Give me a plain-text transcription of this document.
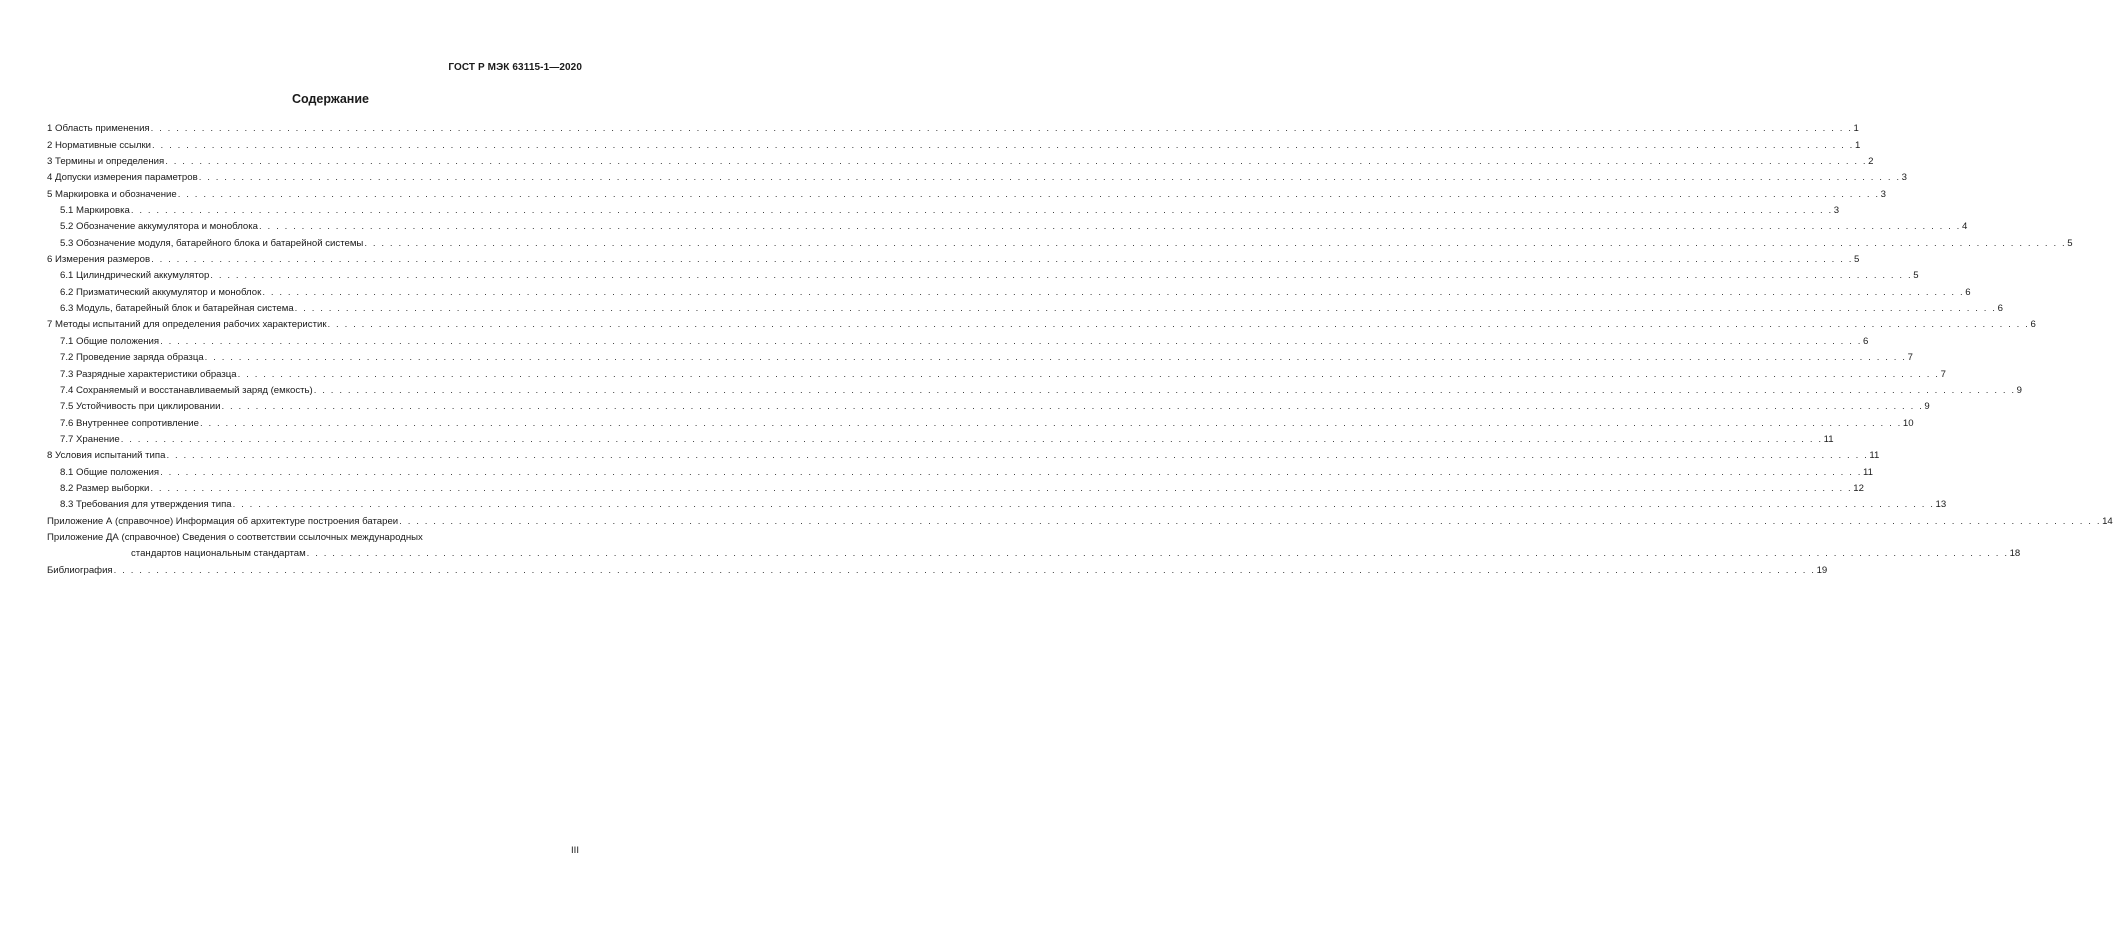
ГОСТ Р МЭК 63115-1—2020
Содержание
1 Область применения . . . . . . . . . . . . . . . . . . . . . . . . . . . . . . . . . . . . . . . . . . . . . . . . . . . . . . . . . . . . . . . . . . . . . . . . . . . . . . . . . . . . . . . . . . . . . . . . . . . . . . . . . . . . . . . . . . . . . . . . . . . . . . . . . . . . . . . . . . . . . . . . . . . . . . . . . . . . . . . . . . . . . . . . . . . . . . . . . . . . . . . . . . . . . . . . . . . . . . . . 1
2 Нормативные ссылки . . . . . . . . . . . . . . . . . . . . . . . . . . . . . . . . . . . . . . . . . . . . . . . . . . . . . . . . . . . . . . . . . . . . . . . . . . . . . . . . . . . . . . . . . . . . . . . . . . . . . . . . . . . . . . . . . . . . . . . . . . . . . . . . . . . . . . . . . . . . . . . . . . . . . . . . . . . . . . . . . . . . . . . . . . . . . . . . . . . . . . . . . . . . . . . . . . . . . . . . 1
3 Термины и определения . . . . . . . . . . . . . . . . . . . . . . . . . . . . . . . . . . . . . . . . . . . . . . . . . . . . . . . . . . . . . . . . . . . . . . . . . . . . . . . . . . . . . . . . . . . . . . . . . . . . . . . . . . . . . . . . . . . . . . . . . . . . . . . . . . . . . . . . . . . . . . . . . . . . . . . . . . . . . . . . . . . . . . . . . . . . . . . . . . . . . . . . . . . . . . . . . . . . . . . . 2
4 Допуски измерения параметров . . . . . . . . . . . . . . . . . . . . . . . . . . . . . . . . . . . . . . . . . . . . . . . . . . . . . . . . . . . . . . . . . . . . . . . . . . . . . . . . . . . . . . . . . . . . . . . . . . . . . . . . . . . . . . . . . . . . . . . . . . . . . . . . . . . . . . . . . . . . . . . . . . . . . . . . . . . . . . . . . . . . . . . . . . . . . . . . . . . . . . . . . . . . . . . . . . . . . . . . 3
5 Маркировка и обозначение . . . . . . . . . . . . . . . . . . . . . . . . . . . . . . . . . . . . . . . . . . . . . . . . . . . . . . . . . . . . . . . . . . . . . . . . . . . . . . . . . . . . . . . . . . . . . . . . . . . . . . . . . . . . . . . . . . . . . . . . . . . . . . . . . . . . . . . . . . . . . . . . . . . . . . . . . . . . . . . . . . . . . . . . . . . . . . . . . . . . . . . . . . . . . . . . . . . . . . . . 3
5.1 Маркировка . . . . . . . . . . . . . . . . . . . . . . . . . . . . . . . . . . . . . . . . . . . . . . . . . . . . . . . . . . . . . . . . . . . . . . . . . . . . . . . . . . . . . . . . . . . . . . . . . . . . . . . . . . . . . . . . . . . . . . . . . . . . . . . . . . . . . . . . . . . . . . . . . . . . . . . . . . . . . . . . . . . . . . . . . . . . . . . . . . . . . . . . . . . . . . . . . . . . . . . . 3
5.2 Обозначение аккумулятора и моноблока . . . . . . . . . . . . . . . . . . . . . . . . . . . . . . . . . . . . . . . . . . . . . . . . . . . . . . . . . . . . . . . . . . . . . . . . . . . . . . . . . . . . . . . . . . . . . . . . . . . . . . . . . . . . . . . . . . . . . . . . . . . . . . . . . . . . . . . . . . . . . . . . . . . . . . . . . . . . . . . . . . . . . . . . . . . . . . . . . . . . . . . . . . . . . . . . . . . . . . . . 4
5.3 Обозначение модуля, батарейного блока и батарейной системы . . . . . . . . . . . . . . . . . . . . . . . . . . . . . . . . . . . . . . . . . . . . . . . . . . . . . . . . . . . . . . . . . . . . . . . . . . . . . . . . . . . . . . . . . . . . . . . . . . . . . . . . . . . . . . . . . . . . . . . . . . . . . . . . . . . . . . . . . . . . . . . . . . . . . . . . . . . . . . . . . . . . . . . . . . . . . . . . . . . . . . . . . . . . . . . . . . . . . . . . 5
6 Измерения размеров . . . . . . . . . . . . . . . . . . . . . . . . . . . . . . . . . . . . . . . . . . . . . . . . . . . . . . . . . . . . . . . . . . . . . . . . . . . . . . . . . . . . . . . . . . . . . . . . . . . . . . . . . . . . . . . . . . . . . . . . . . . . . . . . . . . . . . . . . . . . . . . . . . . . . . . . . . . . . . . . . . . . . . . . . . . . . . . . . . . . . . . . . . . . . . . . . . . . . . . . 5
6.1 Цилиндрический аккумулятор . . . . . . . . . . . . . . . . . . . . . . . . . . . . . . . . . . . . . . . . . . . . . . . . . . . . . . . . . . . . . . . . . . . . . . . . . . . . . . . . . . . . . . . . . . . . . . . . . . . . . . . . . . . . . . . . . . . . . . . . . . . . . . . . . . . . . . . . . . . . . . . . . . . . . . . . . . . . . . . . . . . . . . . . . . . . . . . . . . . . . . . . . . . . . . . . . . . . . . . . 5
6.2 Призматический аккумулятор и моноблок . . . . . . . . . . . . . . . . . . . . . . . . . . . . . . . . . . . . . . . . . . . . . . . . . . . . . . . . . . . . . . . . . . . . . . . . . . . . . . . . . . . . . . . . . . . . . . . . . . . . . . . . . . . . . . . . . . . . . . . . . . . . . . . . . . . . . . . . . . . . . . . . . . . . . . . . . . . . . . . . . . . . . . . . . . . . . . . . . . . . . . . . . . . . . . . . . . . . . . . . 6
6.3 Модуль, батарейный блок и батарейная система . . . . . . . . . . . . . . . . . . . . . . . . . . . . . . . . . . . . . . . . . . . . . . . . . . . . . . . . . . . . . . . . . . . . . . . . . . . . . . . . . . . . . . . . . . . . . . . . . . . . . . . . . . . . . . . . . . . . . . . . . . . . . . . . . . . . . . . . . . . . . . . . . . . . . . . . . . . . . . . . . . . . . . . . . . . . . . . . . . . . . . . . . . . . . . . . . . . . . . . . 6
7 Методы испытаний для определения рабочих характеристик . . . . . . . . . . . . . . . . . . . . . . . . . . . . . . . . . . . . . . . . . . . . . . . . . . . . . . . . . . . . . . . . . . . . . . . . . . . . . . . . . . . . . . . . . . . . . . . . . . . . . . . . . . . . . . . . . . . . . . . . . . . . . . . . . . . . . . . . . . . . . . . . . . . . . . . . . . . . . . . . . . . . . . . . . . . . . . . . . . . . . . . . . . . . . . . . . . . . . . . . 6
7.1 Общие положения . . . . . . . . . . . . . . . . . . . . . . . . . . . . . . . . . . . . . . . . . . . . . . . . . . . . . . . . . . . . . . . . . . . . . . . . . . . . . . . . . . . . . . . . . . . . . . . . . . . . . . . . . . . . . . . . . . . . . . . . . . . . . . . . . . . . . . . . . . . . . . . . . . . . . . . . . . . . . . . . . . . . . . . . . . . . . . . . . . . . . . . . . . . . . . . . . . . . . . . . 6
7.2 Проведение заряда образца . . . . . . . . . . . . . . . . . . . . . . . . . . . . . . . . . . . . . . . . . . . . . . . . . . . . . . . . . . . . . . . . . . . . . . . . . . . . . . . . . . . . . . . . . . . . . . . . . . . . . . . . . . . . . . . . . . . . . . . . . . . . . . . . . . . . . . . . . . . . . . . . . . . . . . . . . . . . . . . . . . . . . . . . . . . . . . . . . . . . . . . . . . . . . . . . . . . . . . . . 7
7.3 Разрядные характеристики образца . . . . . . . . . . . . . . . . . . . . . . . . . . . . . . . . . . . . . . . . . . . . . . . . . . . . . . . . . . . . . . . . . . . . . . . . . . . . . . . . . . . . . . . . . . . . . . . . . . . . . . . . . . . . . . . . . . . . . . . . . . . . . . . . . . . . . . . . . . . . . . . . . . . . . . . . . . . . . . . . . . . . . . . . . . . . . . . . . . . . . . . . . . . . . . . . . . . . . . . . 7
7.4 Сохраняемый и восстанавливаемый заряд (емкость) . . . . . . . . . . . . . . . . . . . . . . . . . . . . . . . . . . . . . . . . . . . . . . . . . . . . . . . . . . . . . . . . . . . . . . . . . . . . . . . . . . . . . . . . . . . . . . . . . . . . . . . . . . . . . . . . . . . . . . . . . . . . . . . . . . . . . . . . . . . . . . . . . . . . . . . . . . . . . . . . . . . . . . . . . . . . . . . . . . . . . . . . . . . . . . . . . . . . . . . . 9
7.5 Устойчивость при циклировании . . . . . . . . . . . . . . . . . . . . . . . . . . . . . . . . . . . . . . . . . . . . . . . . . . . . . . . . . . . . . . . . . . . . . . . . . . . . . . . . . . . . . . . . . . . . . . . . . . . . . . . . . . . . . . . . . . . . . . . . . . . . . . . . . . . . . . . . . . . . . . . . . . . . . . . . . . . . . . . . . . . . . . . . . . . . . . . . . . . . . . . . . . . . . . . . . . . . . . . . 9
7.6 Внутреннее сопротивление . . . . . . . . . . . . . . . . . . . . . . . . . . . . . . . . . . . . . . . . . . . . . . . . . . . . . . . . . . . . . . . . . . . . . . . . . . . . . . . . . . . . . . . . . . . . . . . . . . . . . . . . . . . . . . . . . . . . . . . . . . . . . . . . . . . . . . . . . . . . . . . . . . . . . . . . . . . . . . . . . . . . . . . . . . . . . . . . . . . . . . . . . . . . . . . . . . . . . . . . 10
7.7 Хранение . . . . . . . . . . . . . . . . . . . . . . . . . . . . . . . . . . . . . . . . . . . . . . . . . . . . . . . . . . . . . . . . . . . . . . . . . . . . . . . . . . . . . . . . . . . . . . . . . . . . . . . . . . . . . . . . . . . . . . . . . . . . . . . . . . . . . . . . . . . . . . . . . . . . . . . . . . . . . . . . . . . . . . . . . . . . . . . . . . . . . . . . . . . . . . . . . . . . . . . . 11
8 Условия испытаний типа . . . . . . . . . . . . . . . . . . . . . . . . . . . . . . . . . . . . . . . . . . . . . . . . . . . . . . . . . . . . . . . . . . . . . . . . . . . . . . . . . . . . . . . . . . . . . . . . . . . . . . . . . . . . . . . . . . . . . . . . . . . . . . . . . . . . . . . . . . . . . . . . . . . . . . . . . . . . . . . . . . . . . . . . . . . . . . . . . . . . . . . . . . . . . . . . . . . . . . . . 11
8.1 Общие положения . . . . . . . . . . . . . . . . . . . . . . . . . . . . . . . . . . . . . . . . . . . . . . . . . . . . . . . . . . . . . . . . . . . . . . . . . . . . . . . . . . . . . . . . . . . . . . . . . . . . . . . . . . . . . . . . . . . . . . . . . . . . . . . . . . . . . . . . . . . . . . . . . . . . . . . . . . . . . . . . . . . . . . . . . . . . . . . . . . . . . . . . . . . . . . . . . . . . . . . . 11
8.2 Размер выборки . . . . . . . . . . . . . . . . . . . . . . . . . . . . . . . . . . . . . . . . . . . . . . . . . . . . . . . . . . . . . . . . . . . . . . . . . . . . . . . . . . . . . . . . . . . . . . . . . . . . . . . . . . . . . . . . . . . . . . . . . . . . . . . . . . . . . . . . . . . . . . . . . . . . . . . . . . . . . . . . . . . . . . . . . . . . . . . . . . . . . . . . . . . . . . . . . . . . . . . . 12
8.3 Требования для утверждения типа . . . . . . . . . . . . . . . . . . . . . . . . . . . . . . . . . . . . . . . . . . . . . . . . . . . . . . . . . . . . . . . . . . . . . . . . . . . . . . . . . . . . . . . . . . . . . . . . . . . . . . . . . . . . . . . . . . . . . . . . . . . . . . . . . . . . . . . . . . . . . . . . . . . . . . . . . . . . . . . . . . . . . . . . . . . . . . . . . . . . . . . . . . . . . . . . . . . . . . . . 13
Приложение А (справочное) Информация об архитектуре построения батареи . . . . . . . . . . . . . . . . . . . . . . . . . . . . . . . . . . . . . . . . . . . . . . . . . . . . . . . . . . . . . . . . . . . . . . . . . . . . . . . . . . . . . . . . . . . . . . . . . . . . . . . . . . . . . . . . . . . . . . . . . . . . . . . . . . . . . . . . . . . . . . . . . . . . . . . . . . . . . . . . . . . . . . . . . . . . . . . . . . . . . . . . . . . . . . . . . . . . . . . . 14
Приложение ДА (справочное) Сведения о соответствии ссылочных международных
стандартов национальным стандартам . . . . . . . . . . . . . . . . . . . . . . . . . . . . . . . . . . . . . . . . . . . . . . . . . . . . . . . . . . . . . . . . . . . . . . . . . . . . . . . . . . . . . . . . . . . . . . . . . . . . . . . . . . . . . . . . . . . . . . . . . . . . . . . . . . . . . . . . . . . . . . . . . . . . . . . . . . . . . . . . . . . . . . . . . . . . . . . . . . . . . . . . . . . . . . . . . . . . . . . . 18
Библиография . . . . . . . . . . . . . . . . . . . . . . . . . . . . . . . . . . . . . . . . . . . . . . . . . . . . . . . . . . . . . . . . . . . . . . . . . . . . . . . . . . . . . . . . . . . . . . . . . . . . . . . . . . . . . . . . . . . . . . . . . . . . . . . . . . . . . . . . . . . . . . . . . . . . . . . . . . . . . . . . . . . . . . . . . . . . . . . . . . . . . . . . . . . . . . . . . . . . . . . . 19
III
